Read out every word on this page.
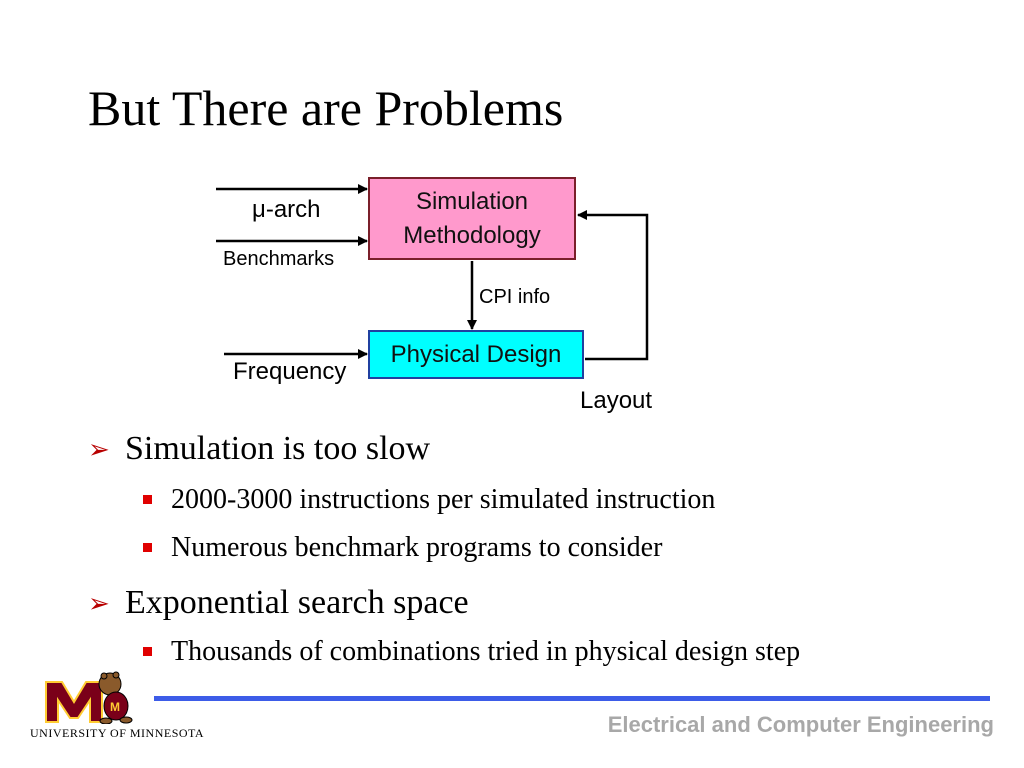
But There are Problems
Simulation
Methodology
Physical Design
μ-arch
Benchmarks
CPI info
Frequency
Layout
➢ Simulation is too slow
2000-3000 instructions per simulated instruction
Numerous benchmark programs to consider
➢ Exponential search space
Thousands of combinations tried in physical design step
M
UNIVERSITY OF MINNESOTA	Electrical and Computer Engineering
